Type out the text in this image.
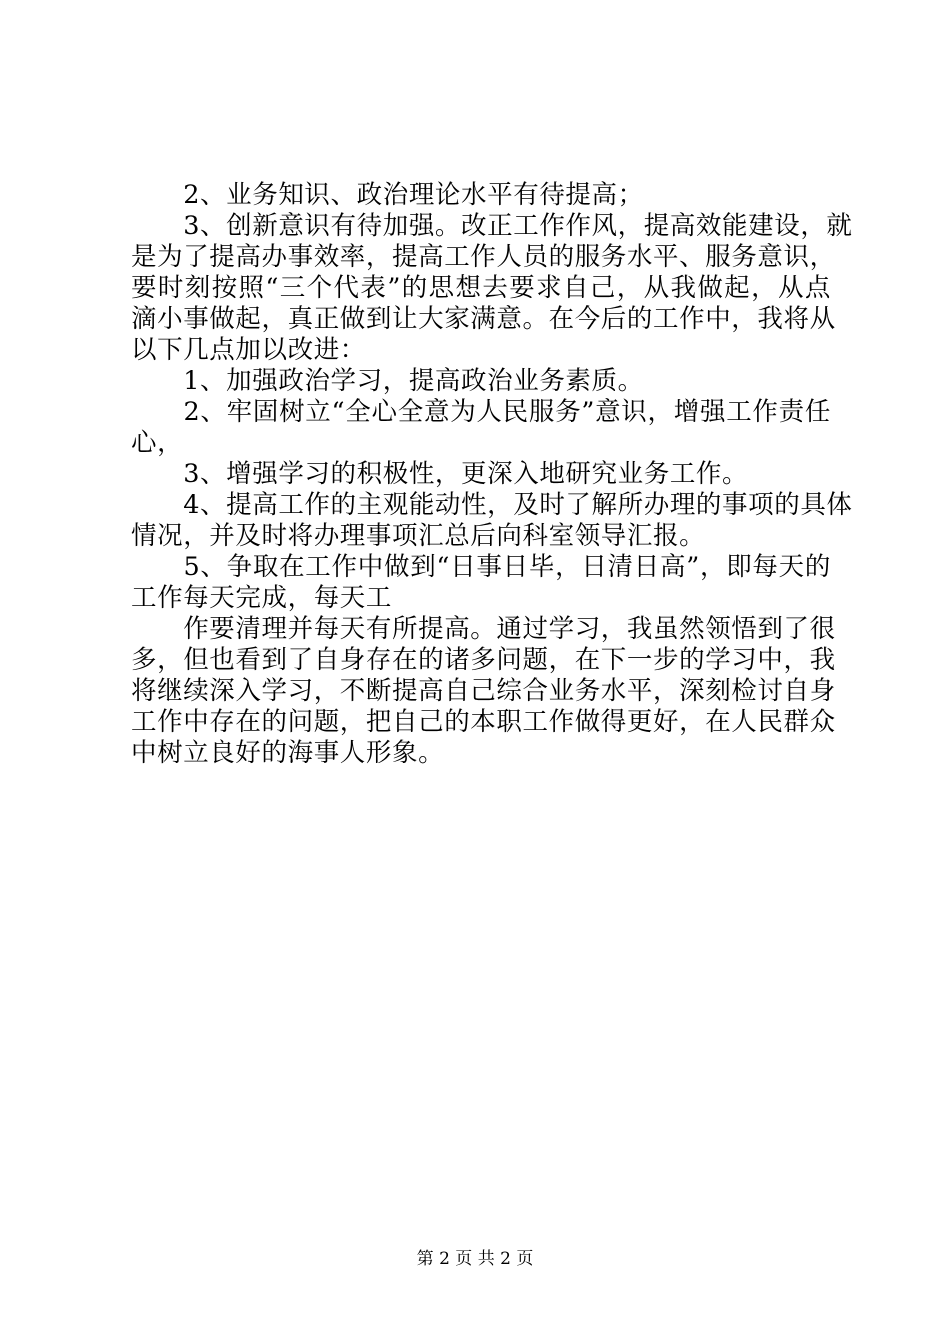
　　2、业务知识、政治理论水平有待提高；
　　3、创新意识有待加强。改正工作作风，提高效能建设，就
是为了提高办事效率，提高工作人员的服务水平、服务意识，
要时刻按照“三个代表”的思想去要求自己，从我做起，从点
滴小事做起，真正做到让大家满意。在今后的工作中，我将从
以下几点加以改进：
　　1、加强政治学习，提高政治业务素质。
　　2、牢固树立“全心全意为人民服务”意识，增强工作责任
心，
　　3、增强学习的积极性，更深入地研究业务工作。
　　4、提高工作的主观能动性，及时了解所办理的事项的具体
情况，并及时将办理事项汇总后向科室领导汇报。
　　5、争取在工作中做到“日事日毕，日清日高”，即每天的
工作每天完成，每天工
　　作要清理并每天有所提高。通过学习，我虽然领悟到了很
多，但也看到了自身存在的诸多问题，在下一步的学习中，我
将继续深入学习，不断提高自己综合业务水平，深刻检讨自身
工作中存在的问题，把自己的本职工作做得更好，在人民群众
中树立良好的海事人形象。
第 2 页 共 2 页
